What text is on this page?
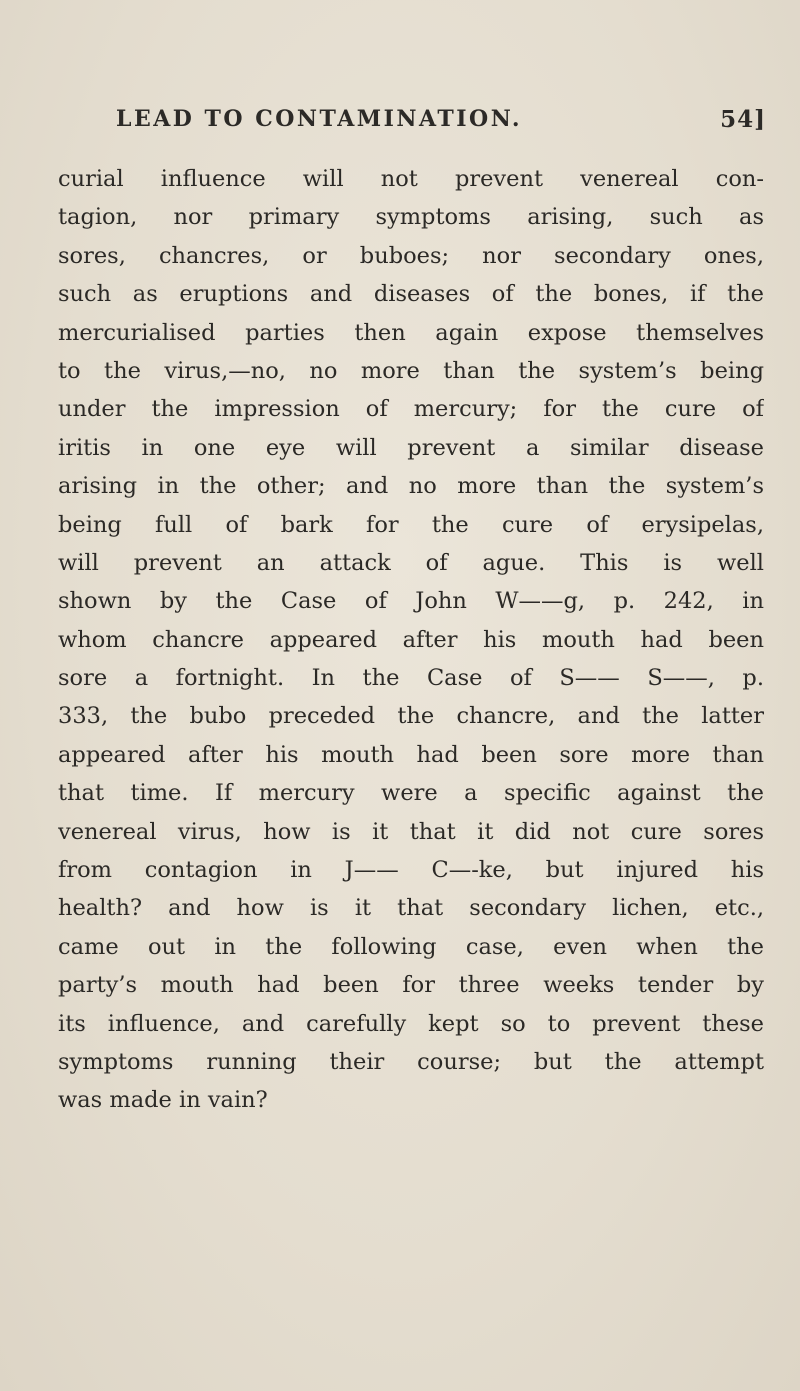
LEAD TO CONTAMINATION.	54]
curial influence will not prevent venereal con-
tagion, nor primary symptoms arising, such as
sores, chancres, or buboes; nor secondary ones,
such as eruptions and diseases of the bones, if the
mercurialised parties then again expose themselves
to the virus,—no, no more than the system’s being
under the impression of mercury; for the cure of
iritis in one eye will prevent a similar disease
arising in the other; and no more than the system’s
being full of bark for the cure of erysipelas,
will prevent an attack of ague. This is well
shown by the Case of John W——g, p. 242, in
whom chancre appeared after his mouth had been
sore a fortnight. In the Case of S—— S——, p.
333, the bubo preceded the chancre, and the latter
appeared after his mouth had been sore more than
that time. If mercury were a specific against the
venereal virus, how is it that it did not cure sores
from contagion in J—— C—-ke, but injured his
health? and how is it that secondary lichen, etc.,
came out in the following case, even when the
party’s mouth had been for three weeks tender by
its influence, and carefully kept so to prevent these
symptoms running their course; but the attempt
was made in vain?
